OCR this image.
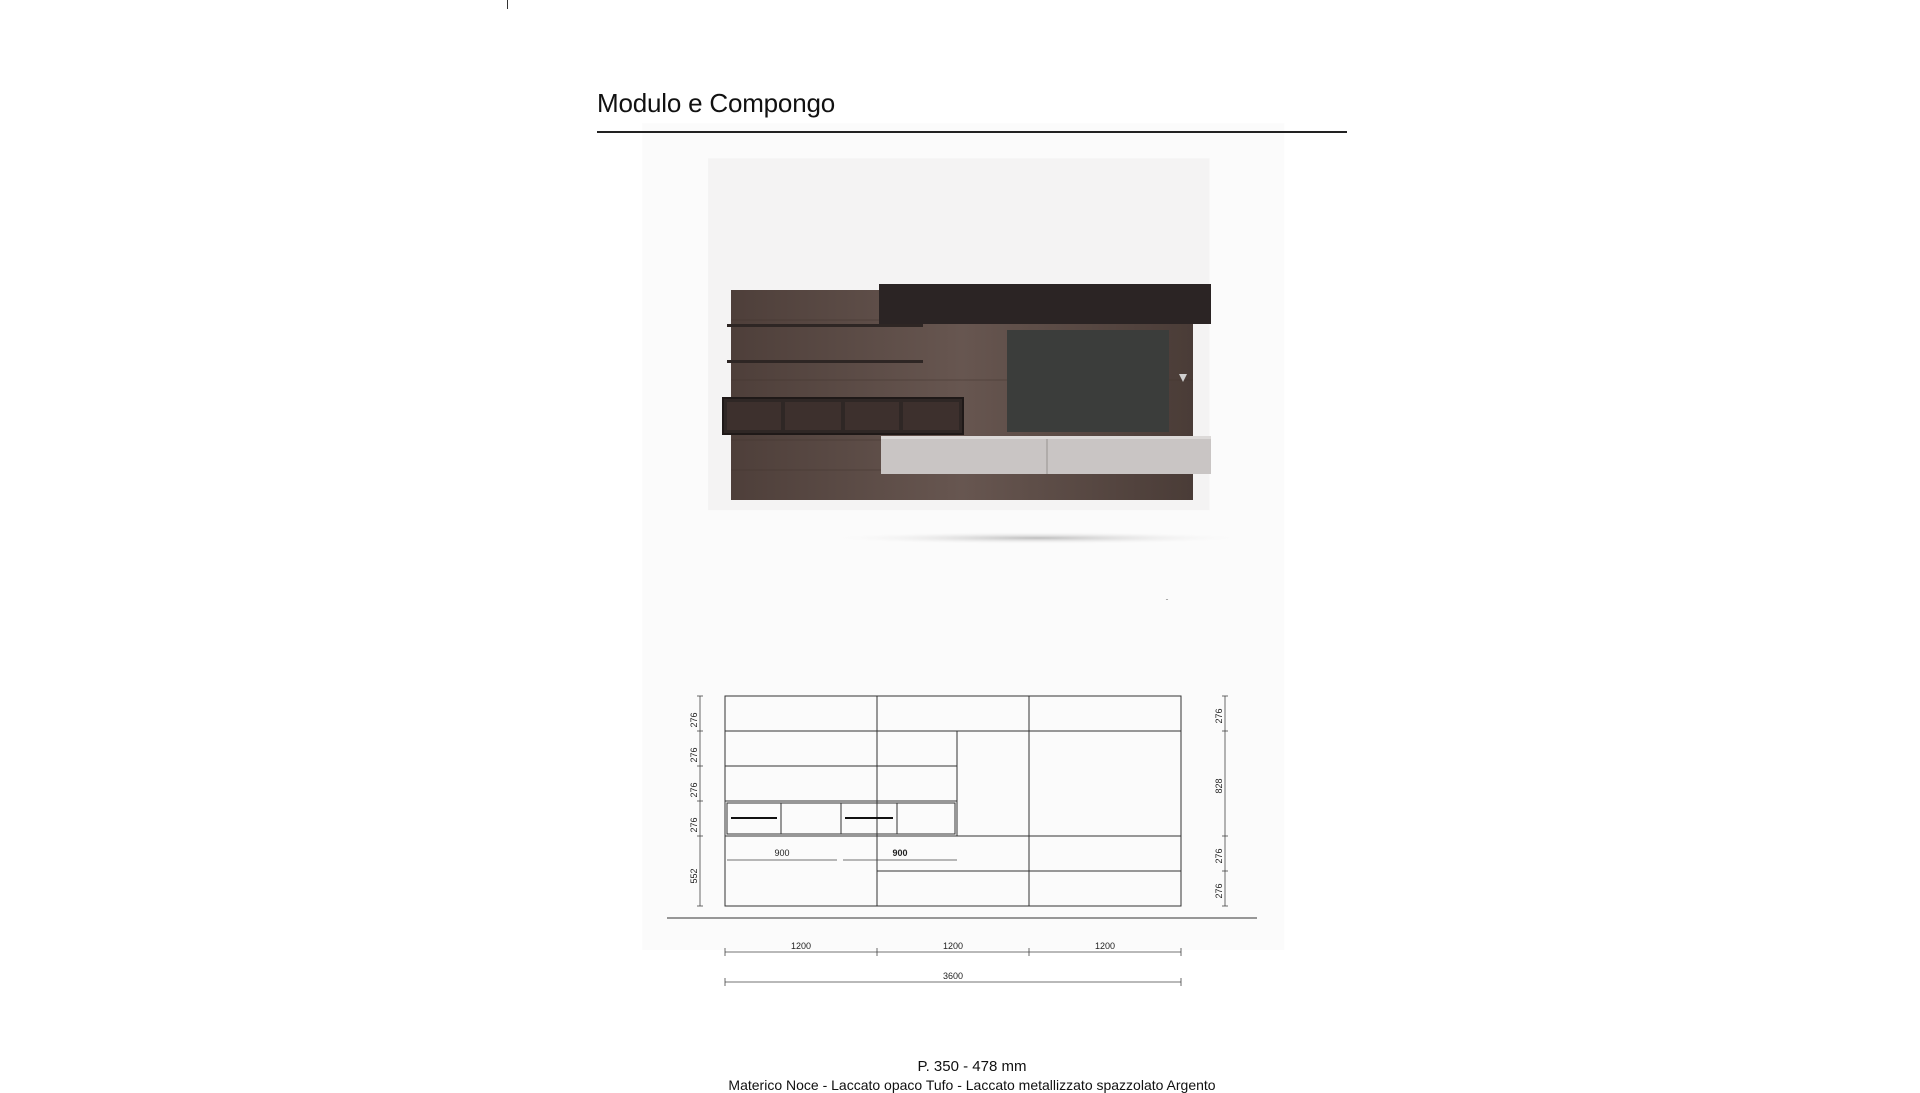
Modulo e Compongo
276
276
276
276
552
276
828
276
276
900	900
1200	1200	1200
3600
P. 350 - 478 mm
Materico Noce - Laccato opaco Tufo - Laccato metallizzato spazzolato Argento
